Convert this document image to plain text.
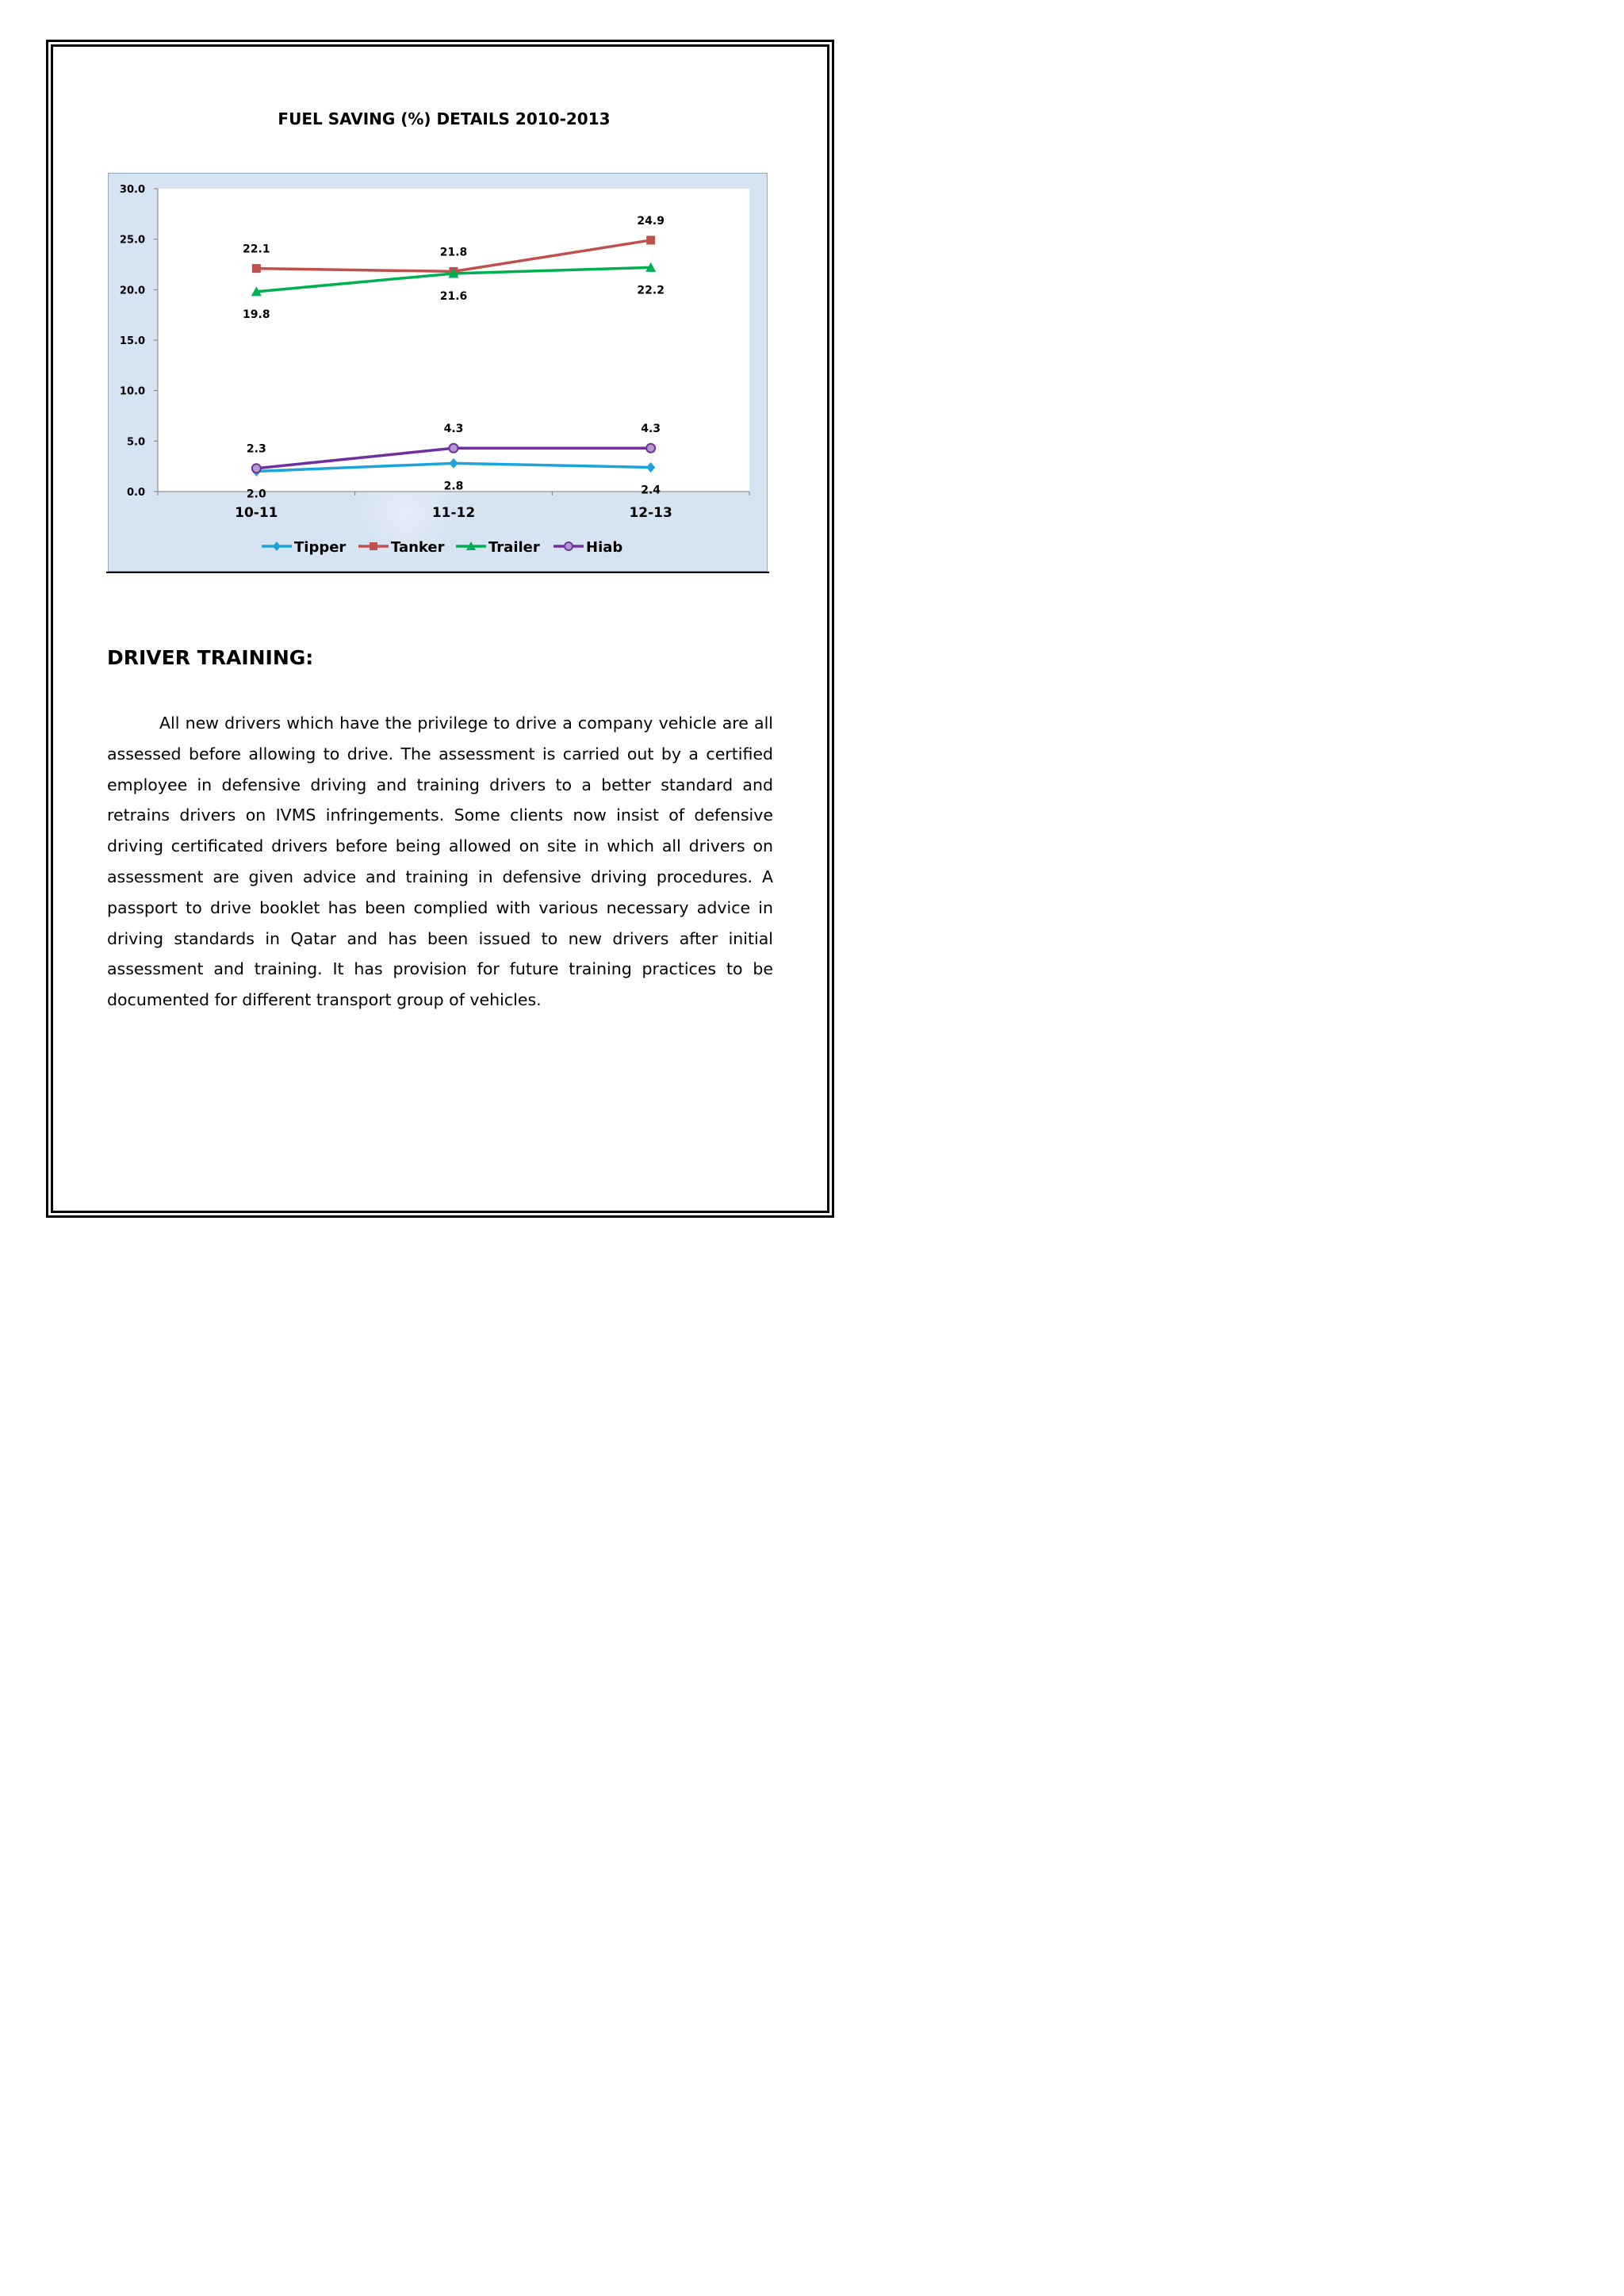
FUEL SAVING (%) DETAILS 2010-2013
0.0
5.0
10.0
15.0
20.0
25.0
30.0
10-11	11-12	12-13
2.0
2.8	2.4
22.1	21.8
24.9
19.8
21.6	22.2
2.3
4.3	4.3
Tipper	Tanker	Trailer	Hiab
DRIVER TRAINING:
All new drivers which have the privilege to drive a company vehicle are all assessed before allowing to drive. The assessment is carried out by a certified employee in defensive driving and training drivers to a better standard and retrains drivers on IVMS infringements. Some clients now insist of defensive driving certificated drivers before being allowed on site in which all drivers on assessment are given advice and training in defensive driving procedures. A passport to drive booklet has been complied with various necessary advice in driving standards in Qatar and has been issued to new drivers after initial assessment and training. It has provision for future training practices to be documented for different transport group of vehicles.
